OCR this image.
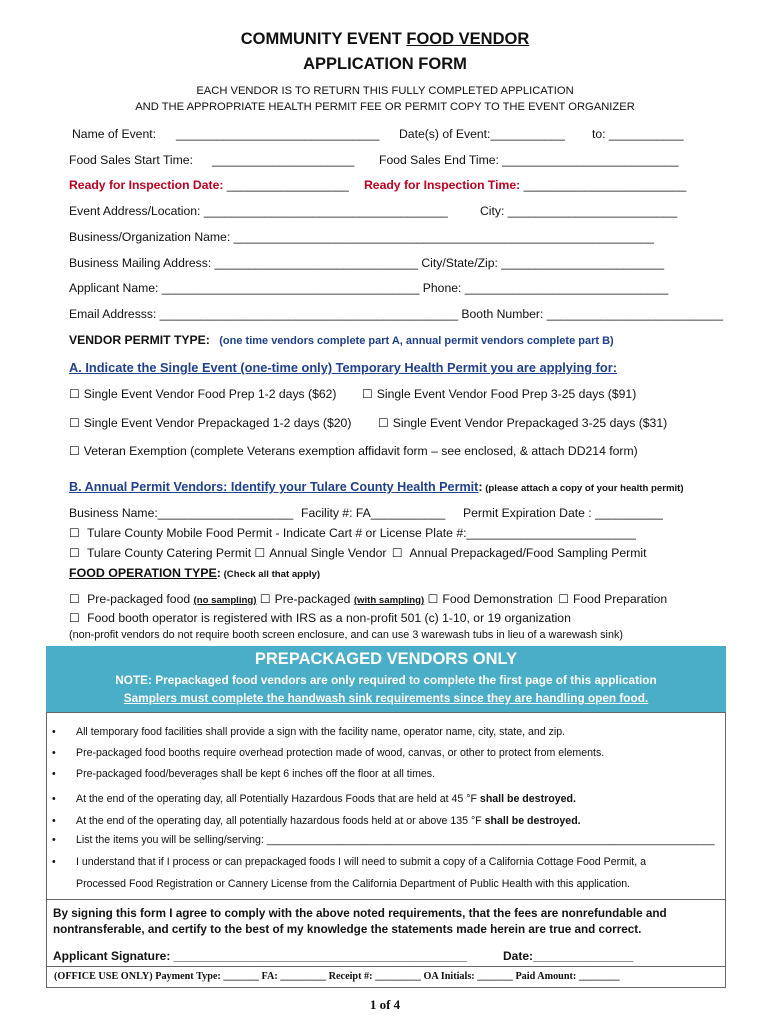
COMMUNITY EVENT FOOD VENDOR
APPLICATION FORM
EACH VENDOR IS TO RETURN THIS FULLY COMPLETED APPLICATION
AND THE APPROPRIATE HEALTH PERMIT FEE OR PERMIT COPY TO THE EVENT ORGANIZER
Name of Event: ______________________________ Date(s) of Event:___________ to: ___________
Food Sales Start Time: _____________________ Food Sales End Time: __________________________
Ready for Inspection Date: __________________ Ready for Inspection Time: ________________________
Event Address/Location: ____________________________________	City: _________________________
Business/Organization Name: ______________________________________________________________
Business Mailing Address: ______________________________ City/State/Zip: ________________________
Applicant Name: ______________________________________ Phone: ______________________________
Email Addresss: ____________________________________________ Booth Number: __________________________
VENDOR PERMIT TYPE: (one time vendors complete part A, annual permit vendors complete part B)
A. Indicate the Single Event (one-time only) Temporary Health Permit you are applying for:
☐ Single Event Vendor Food Prep 1-2 days ($62) ☐ Single Event Vendor Food Prep 3-25 days ($91)
☐ Single Event Vendor Prepackaged 1-2 days ($20) ☐ Single Event Vendor Prepackaged 3-25 days ($31)
☐ Veteran Exemption (complete Veterans exemption affidavit form – see enclosed, & attach DD214 form)
B. Annual Permit Vendors: Identify your Tulare County Health Permit: (please attach a copy of your health permit)
Business Name:____________________ Facility #: FA___________ Permit Expiration Date : __________
☐ Tulare County Mobile Food Permit - Indicate Cart # or License Plate #:_________________________
☐ Tulare County Catering Permit ☐ Annual Single Vendor ☐ Annual Prepackaged/Food Sampling Permit
FOOD OPERATION TYPE: (Check all that apply)
☐ Pre-packaged food (no sampling) ☐ Pre-packaged (with sampling) ☐ Food Demonstration ☐ Food Preparation
☐ Food booth operator is registered with IRS as a non-profit 501 (c) 1-10, or 19 organization
(non-profit vendors do not require booth screen enclosure, and can use 3 warewash tubs in lieu of a warewash sink)
PREPACKAGED VENDORS ONLY
NOTE: Prepackaged food vendors are only required to complete the first page of this application
Samplers must complete the handwash sink requirements since they are handling open food.
• All temporary food facilities shall provide a sign with the facility name, operator name, city, state, and zip.
• Pre-packaged food booths require overhead protection made of wood, canvas, or other to protect from elements.
• Pre-packaged food/beverages shall be kept 6 inches off the floor at all times.
• At the end of the operating day, all Potentially Hazardous Foods that are held at 45 °F shall be destroyed.
• At the end of the operating day, all potentially hazardous foods held at or above 135 °F shall be destroyed.
• List the items you will be selling/serving: ____________________________________________________________________________
• I understand that if I process or can prepackaged foods I will need to submit a copy of a California Cottage Food Permit, a
Processed Food Registration or Cannery License from the California Department of Public Health with this application.
By signing this form I agree to comply with the above noted requirements, that the fees are nonrefundable and
nontransferable, and certify to the best of my knowledge the statements made herein are true and correct.
Applicant Signature: ____________________________________________	Date:_______________
(OFFICE USE ONLY) Payment Type: _______ FA: _________ Receipt #: _________ OA Initials: _______ Paid Amount: ________
1 of 4
